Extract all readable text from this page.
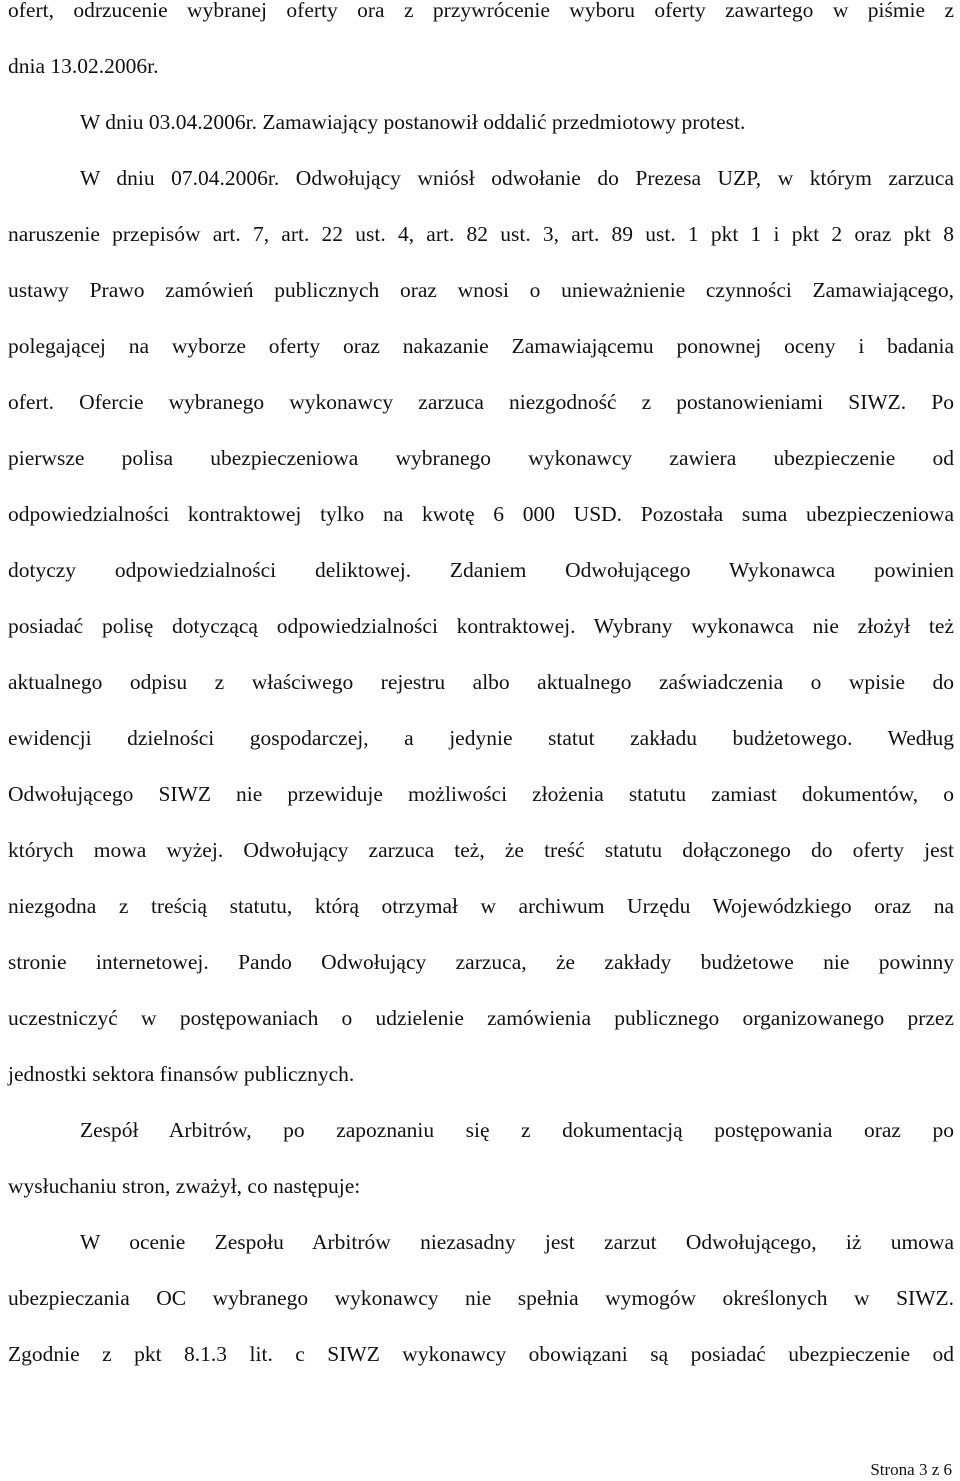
ofert, odrzucenie wybranej oferty ora z przywrócenie wyboru oferty zawartego w piśmie z
dnia 13.02.2006r.
W dniu 03.04.2006r. Zamawiający postanowił oddalić przedmiotowy protest.
W dniu 07.04.2006r. Odwołujący wniósł odwołanie do Prezesa UZP, w którym zarzuca
naruszenie przepisów art. 7, art. 22 ust. 4, art. 82 ust. 3, art. 89 ust. 1 pkt 1 i pkt 2 oraz pkt 8
ustawy Prawo zamówień publicznych oraz wnosi o unieważnienie czynności Zamawiającego,
polegającej na wyborze oferty oraz nakazanie Zamawiającemu ponownej oceny i badania
ofert. Ofercie wybranego wykonawcy zarzuca niezgodność z postanowieniami SIWZ. Po
pierwsze polisa ubezpieczeniowa wybranego wykonawcy zawiera ubezpieczenie od
odpowiedzialności kontraktowej tylko na kwotę 6 000 USD. Pozostała suma ubezpieczeniowa
dotyczy odpowiedzialności deliktowej. Zdaniem Odwołującego Wykonawca powinien
posiadać polisę dotyczącą odpowiedzialności kontraktowej. Wybrany wykonawca nie złożył też
aktualnego odpisu z właściwego rejestru albo aktualnego zaświadczenia o wpisie do
ewidencji dzielności gospodarczej, a jedynie statut zakładu budżetowego. Według
Odwołującego SIWZ nie przewiduje możliwości złożenia statutu zamiast dokumentów, o
których mowa wyżej. Odwołujący zarzuca też, że treść statutu dołączonego do oferty jest
niezgodna z treścią statutu, którą otrzymał w archiwum Urzędu Wojewódzkiego oraz na
stronie internetowej. Pando Odwołujący zarzuca, że zakłady budżetowe nie powinny
uczestniczyć w postępowaniach o udzielenie zamówienia publicznego organizowanego przez
jednostki sektora finansów publicznych.
Zespół Arbitrów, po zapoznaniu się z dokumentacją postępowania oraz po
wysłuchaniu stron, zważył, co następuje:
W ocenie Zespołu Arbitrów niezasadny jest zarzut Odwołującego, iż umowa
ubezpieczania OC wybranego wykonawcy nie spełnia wymogów określonych w SIWZ.
Zgodnie z pkt 8.1.3 lit. c SIWZ wykonawcy obowiązani są posiadać ubezpieczenie od
Strona 3 z 6
